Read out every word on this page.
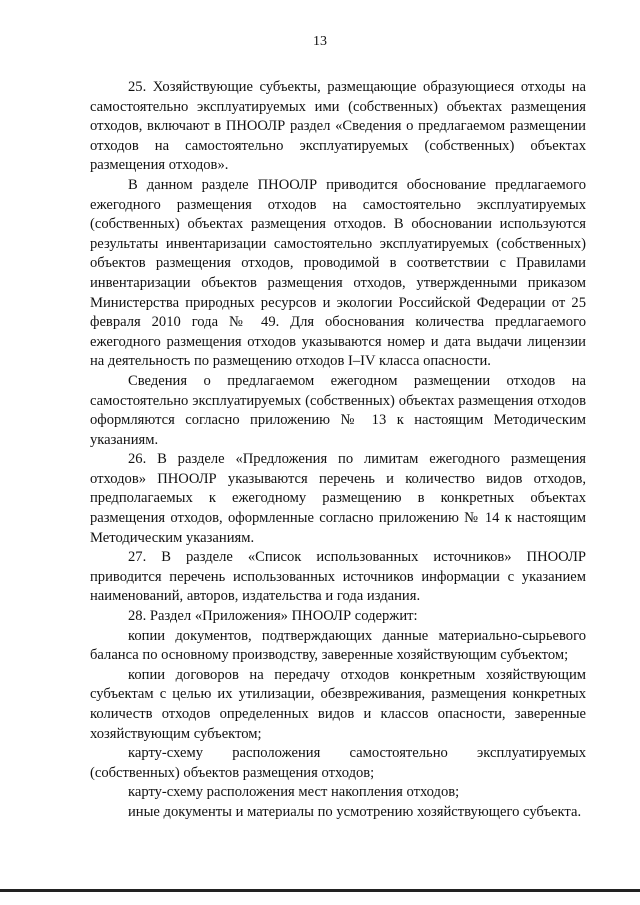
13

25. Хозяйствующие субъекты, размещающие образующиеся отходы на самостоятельно эксплуатируемых ими (собственных) объектах размещения отходов, включают в ПНООЛР раздел «Сведения о предлагаемом размещении отходов на самостоятельно эксплуатируемых (собственных) объектах размещения отходов».

В данном разделе ПНООЛР приводится обоснование предлагаемого ежегодного размещения отходов на самостоятельно эксплуатируемых (собственных) объектах размещения отходов. В обосновании используются результаты инвентаризации самостоятельно эксплуатируемых (собственных) объектов размещения отходов, проводимой в соответствии с Правилами инвентаризации объектов размещения отходов, утвержденными приказом Министерства природных ресурсов и экологии Российской Федерации от 25 февраля 2010 года № 49. Для обоснования количества предлагаемого ежегодного размещения отходов указываются номер и дата выдачи лицензии на деятельность по размещению отходов I–IV класса опасности.

Сведения о предлагаемом ежегодном размещении отходов на самостоятельно эксплуатируемых (собственных) объектах размещения отходов оформляются согласно приложению № 13 к настоящим Методическим указаниям.

26. В разделе «Предложения по лимитам ежегодного размещения отходов» ПНООЛР указываются перечень и количество видов отходов, предполагаемых к ежегодному размещению в конкретных объектах размещения отходов, оформленные согласно приложению № 14 к настоящим Методическим указаниям.

27. В разделе «Список использованных источников» ПНООЛР приводится перечень использованных источников информации с указанием наименований, авторов, издательства и года издания.

28. Раздел «Приложения» ПНООЛР содержит:

копии документов, подтверждающих данные материально-сырьевого баланса по основному производству, заверенные хозяйствующим субъектом;

копии договоров на передачу отходов конкретным хозяйствующим субъектам с целью их утилизации, обезвреживания, размещения конкретных количеств отходов определенных видов и классов опасности, заверенные хозяйствующим субъектом;

карту-схему расположения самостоятельно эксплуатируемых (собственных) объектов размещения отходов;

карту-схему расположения мест накопления отходов;

иные документы и материалы по усмотрению хозяйствующего субъекта.
